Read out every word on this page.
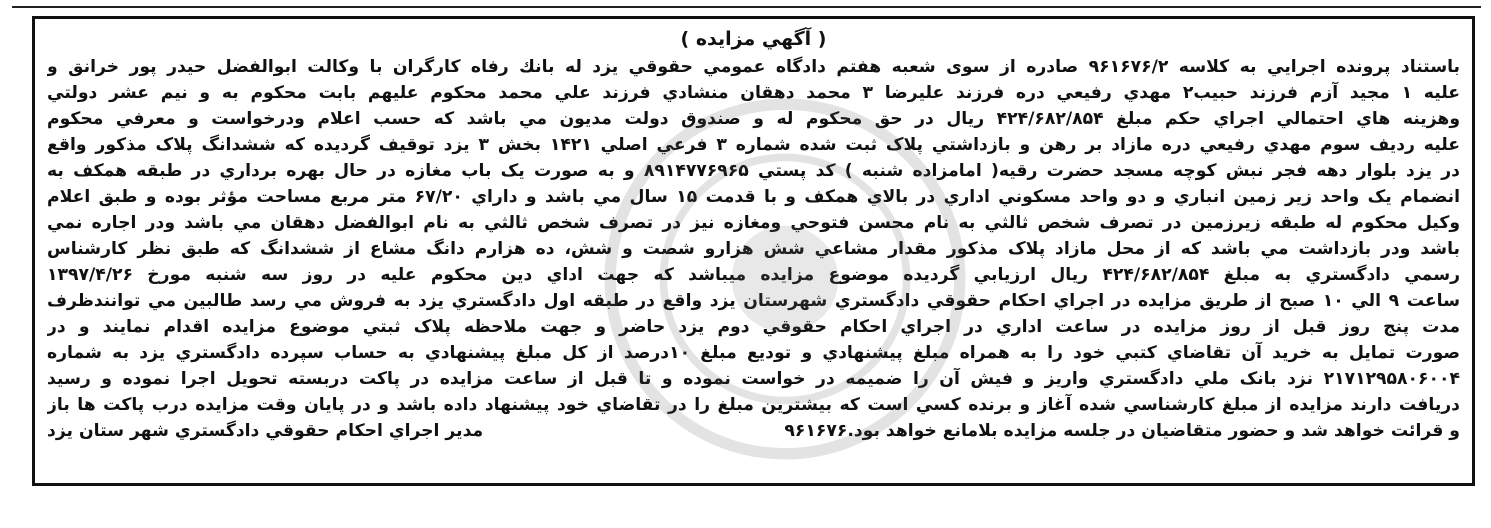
( آگهي مزايده )
باستناد پرونده اجرايي به كلاسه ۹۶۱۶۷۶/۲ صادره از سوی شعبه هفتم دادگاه عمومي حقوقي يزد له بانك رفاه كارگران با وكالت ابوالفضل حيدر پور خرانق و
عليه ۱ مجيد آزم فرزند حبيب۲ مهدي رفيعي دره فرزند عليرضا ۳ محمد دهقان منشادي فرزند علي محمد محكوم عليهم بابت محكوم به و نيم عشر دولتي
وهزينه هاي احتمالي اجراي حكم مبلغ ۴۲۴/۶۸۲/۸۵۴ ريال در حق محكوم له و صندوق دولت مديون مي باشد كه حسب اعلام ودرخواست و معرفي محكوم
عليه رديف سوم مهدي رفيعي دره مازاد بر رهن و بازداشتي پلاک ثبت شده شماره ۳ فرعي اصلي ۱۴۲۱ بخش ۳ يزد توقيف گرديده كه ششدانگ پلاک مذكور واقع
در يزد بلوار دهه فجر نبش كوچه مسجد حضرت رقيه( امامزاده شنبه ) كد پستي ۸۹۱۴۷۷۶۹۶۵ و به صورت يک باب مغازه در حال بهره برداري در طبقه همكف به
انضمام يک واحد زير زمين انباري و دو واحد مسكوني اداري در بالاي همكف و با قدمت ۱۵ سال مي باشد و داراي ۶۷/۲۰ متر مربع مساحت مؤثر بوده و طبق اعلام
وكيل محكوم له طبقه زيرزمين در تصرف شخص ثالثي به نام محسن فتوحي ومغازه نيز در تصرف شخص ثالثي به نام ابوالفضل دهقان مي باشد ودر اجاره نمي
باشد ودر بازداشت مي باشد كه از محل مازاد پلاک مذكور مقدار مشاعي شش هزارو شصت و شش، ده هزارم دانگ مشاع از ششدانگ كه طبق نظر كارشناس
رسمي دادگستري به مبلغ ۴۲۴/۶۸۲/۸۵۴ ريال ارزيابي گرديده موضوع مزايده ميباشد كه جهت اداي دين محكوم عليه در روز سه شنبه مورخ ۱۳۹۷/۴/۲۶
ساعت ۹ الي ۱۰ صبح از طريق مزايده در اجراي احكام حقوقي دادگستري شهرستان يزد واقع در طبقه اول دادگستري يزد به فروش مي رسد طالبين مي توانندظرف
مدت پنج روز قبل از روز مزايده در ساعت اداري در اجراي احكام حقوقي دوم يزد حاضر و جهت ملاحظه پلاک ثبتي موضوع مزايده اقدام نمايند و در
صورت تمايل به خريد آن تقاضاي كتبي خود را به همراه مبلغ پيشنهادي و توديع مبلغ ۱۰درصد از كل مبلغ پيشنهادي به حساب سپرده دادگستري يزد به شماره
۲۱۷۱۲۹۵۸۰۶۰۰۴ نزد بانک ملي دادگستري واريز و فيش آن را ضميمه در خواست نموده و تا قبل از ساعت مزايده در پاكت دربسته تحويل اجرا نموده و رسيد
دريافت دارند مزايده از مبلغ كارشناسي شده آغاز و برنده كسي است كه بيشترين مبلغ را در تقاضاي خود پيشنهاد داده باشد و در پايان وقت مزايده درب پاكت ها باز
و قرائت خواهد شد و حضور متقاضيان در جلسه مزايده بلامانع خواهد بود.۹۶۱۶۷۶
مدير اجراي احكام حقوقي دادگستري شهر ستان يزد
